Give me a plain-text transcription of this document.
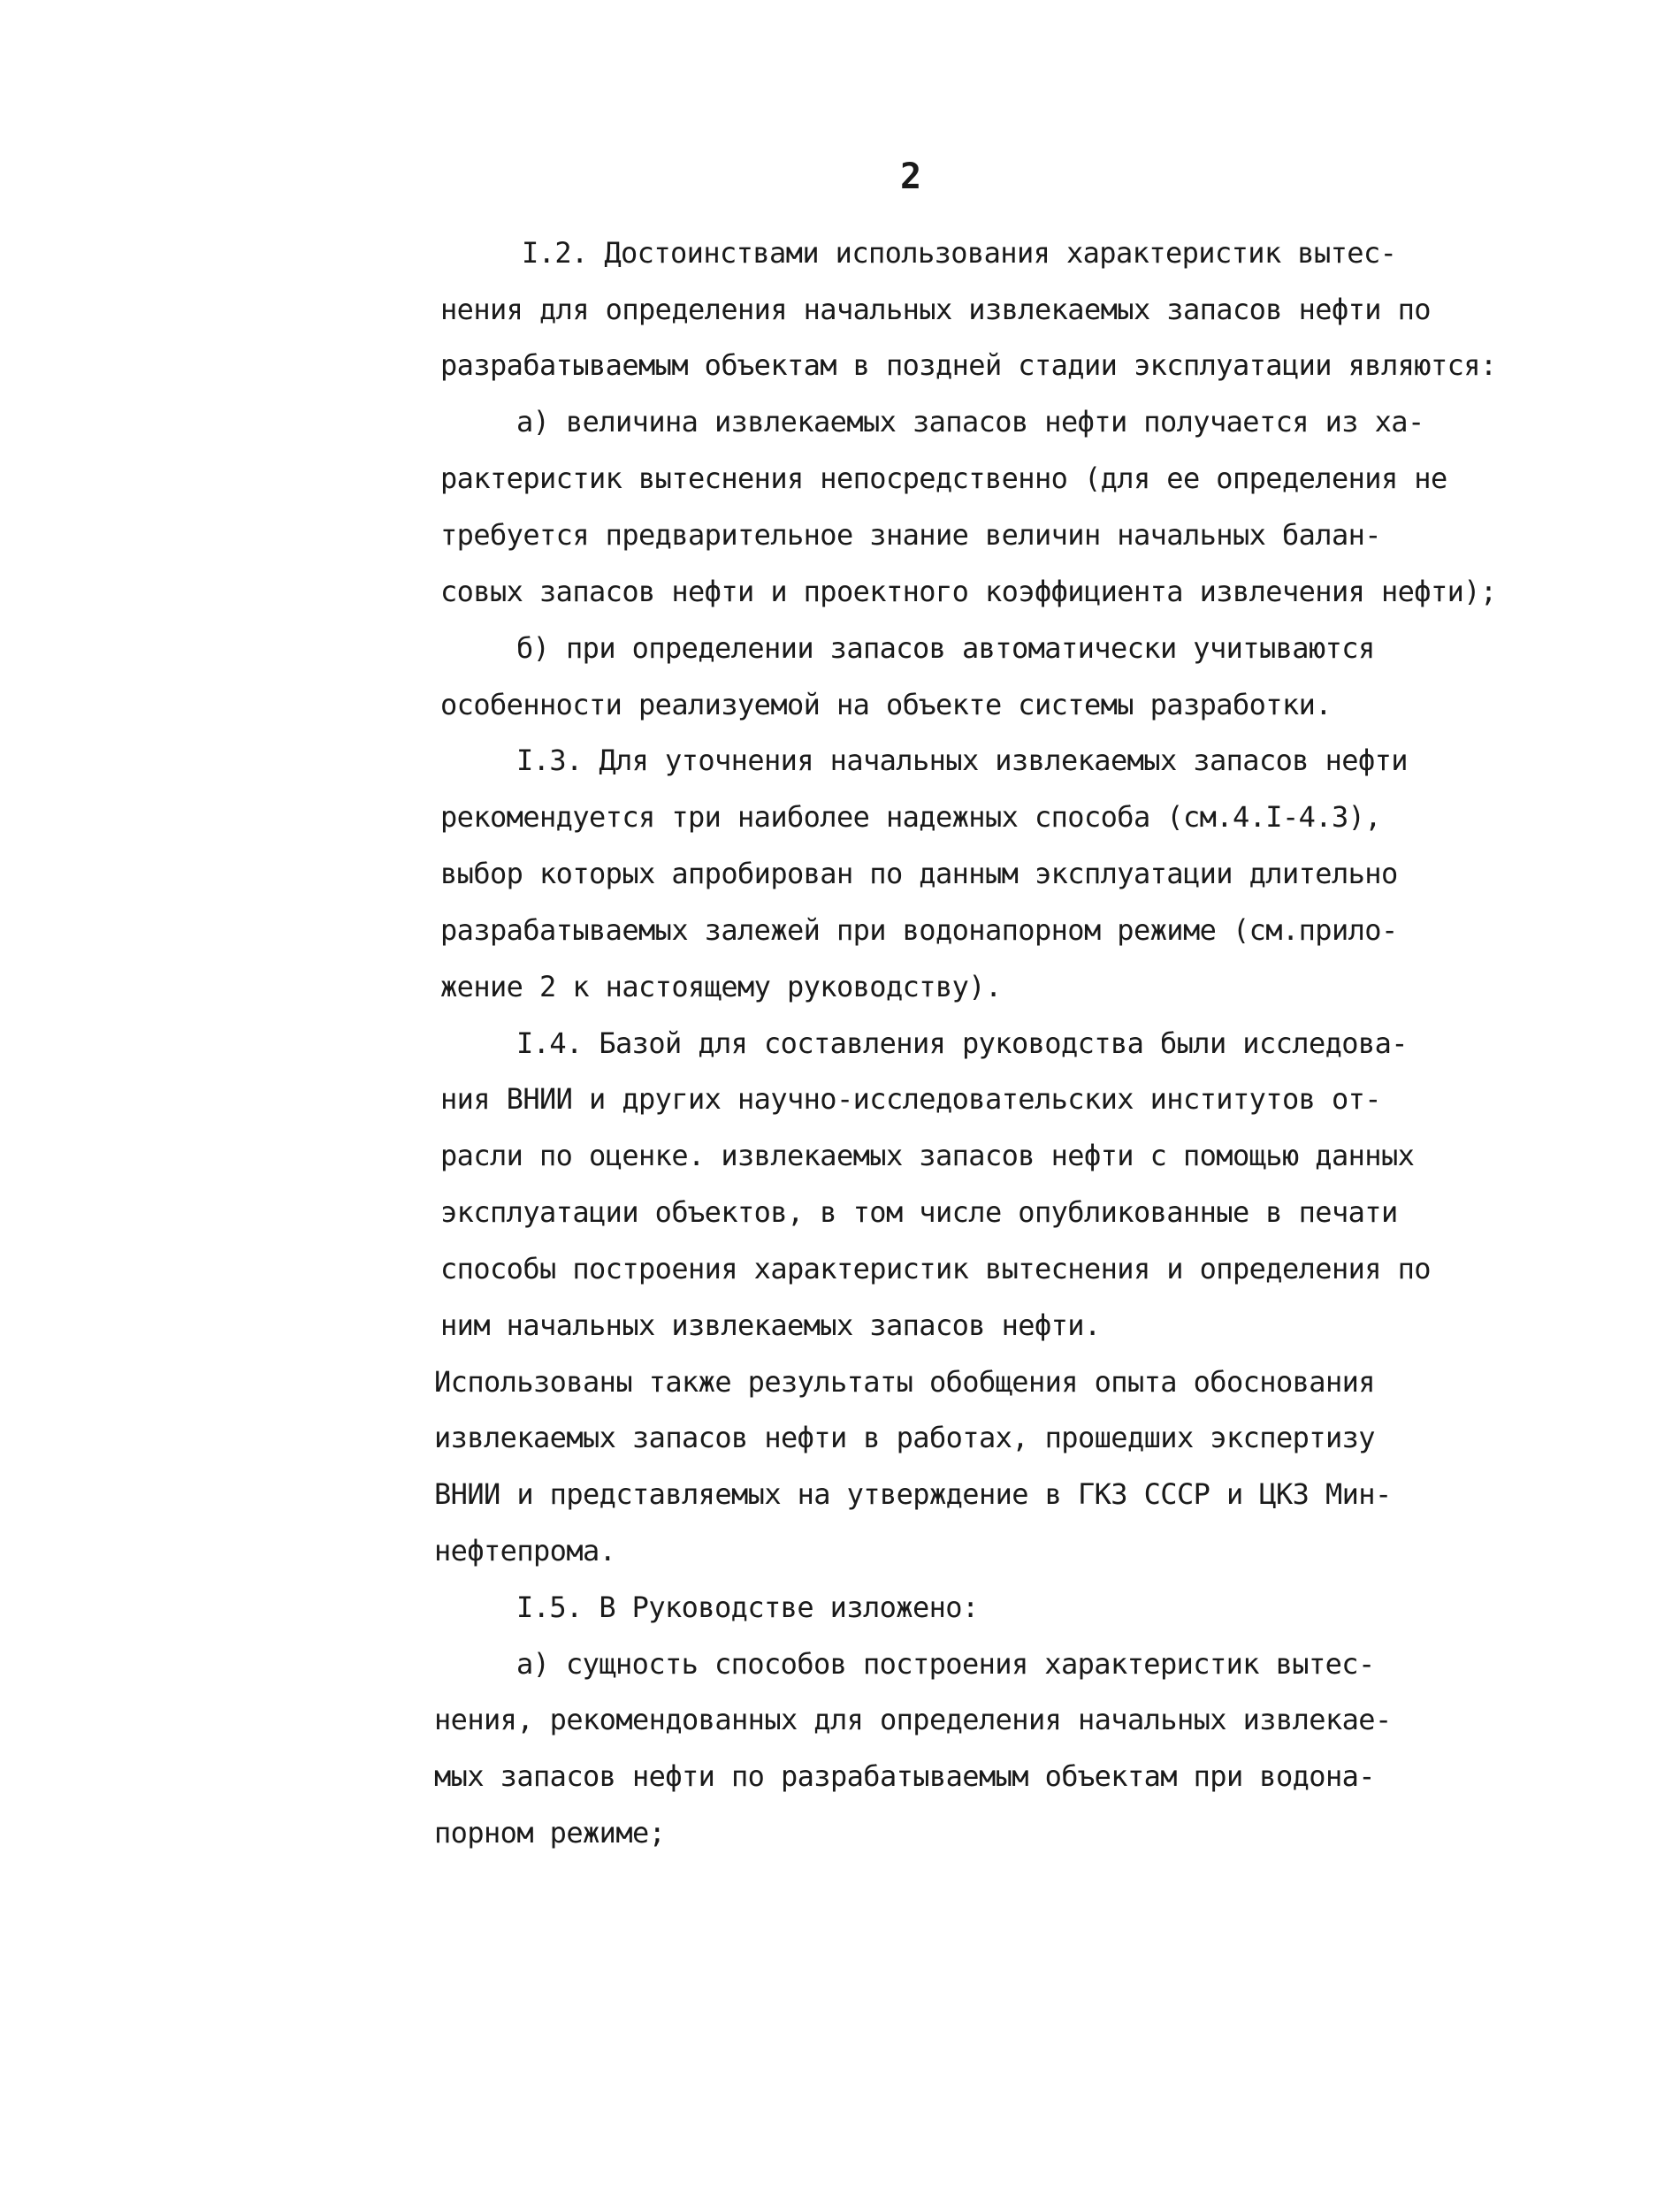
2
I.2. Достоинствами использования характеристик вытес-
нения для определения начальных извлекаемых запасов нефти по
разрабатываемым объектам в поздней стадии эксплуатации являются:
а) величина извлекаемых запасов нефти получается из ха-
рактеристик вытеснения непосредственно (для ее определения не
требуется предварительное знание величин начальных балан-
совых запасов нефти и проектного коэффициента извлечения нефти);
б) при определении запасов автоматически учитываются
особенности реализуемой на объекте системы разработки.
I.3. Для уточнения начальных извлекаемых запасов нефти
рекомендуется три наиболее надежных способа (см.4.I-4.3),
выбор которых апробирован по данным эксплуатации длительно
разрабатываемых залежей при водонапорном режиме (см.прило-
жение 2 к настоящему руководству).
I.4. Базой для составления руководства были исследова-
ния ВНИИ и других научно-исследовательских институтов от-
расли по оценке. извлекаемых запасов нефти с помощью данных
эксплуатации объектов, в том числе опубликованные в печати
способы построения характеристик вытеснения и определения по
ним начальных извлекаемых запасов нефти.
Использованы также результаты обобщения опыта обоснования
извлекаемых запасов нефти в работах, прошедших экспертизу
ВНИИ и представляемых на утверждение в ГКЗ СССР и ЦКЗ Мин-
нефтепрома.
I.5. В Руководстве изложено:
а) сущность способов построения характеристик вытес-
нения, рекомендованных для определения начальных извлекае-
мых запасов нефти по разрабатываемым объектам при водона-
порном режиме;
